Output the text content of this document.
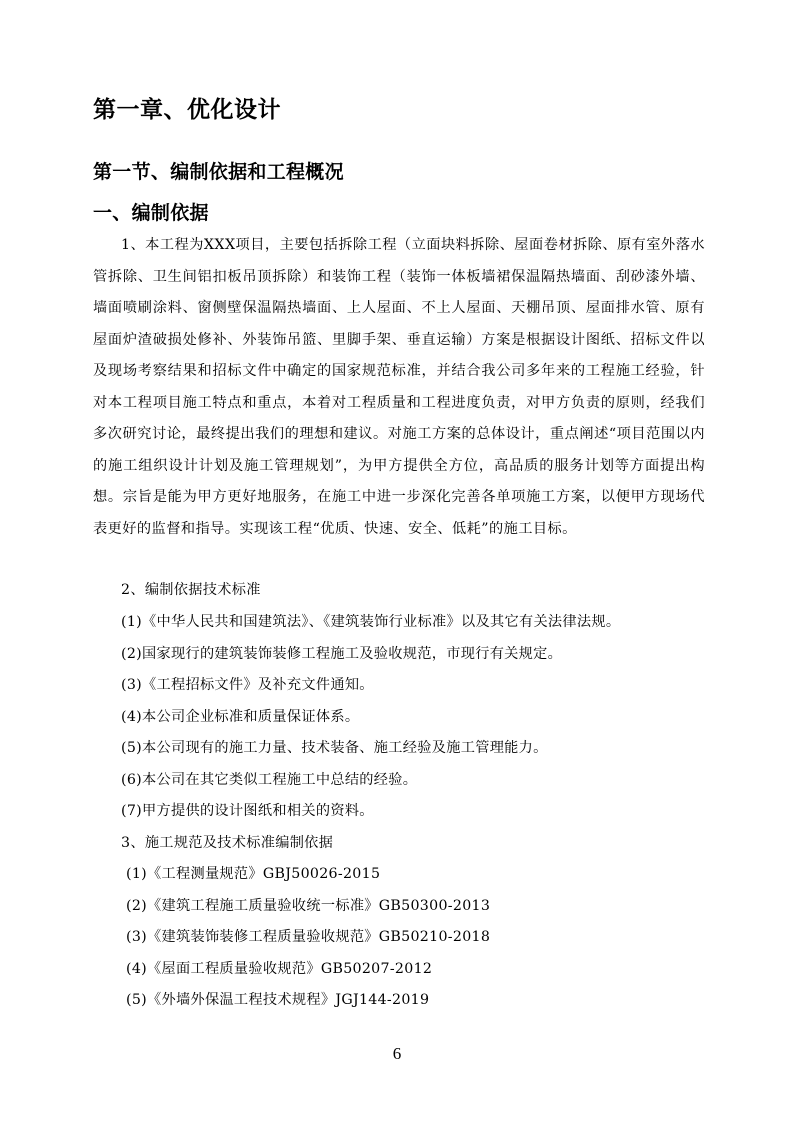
第一章、优化设计
第一节、编制依据和工程概况
一、编制依据
1、本工程为XXX项目，主要包括拆除工程（立面块料拆除、屋面卷材拆除、原有室外落水管拆除、卫生间铝扣板吊顶拆除）和装饰工程（装饰一体板墙裙保温隔热墙面、刮砂漆外墙、墙面喷刷涂料、窗侧壁保温隔热墙面、上人屋面、不上人屋面、天棚吊顶、屋面排水管、原有屋面炉渣破损处修补、外装饰吊篮、里脚手架、垂直运输）方案是根据设计图纸、招标文件以及现场考察结果和招标文件中确定的国家规范标准，并结合我公司多年来的工程施工经验，针对本工程项目施工特点和重点，本着对工程质量和工程进度负责，对甲方负责的原则，经我们多次研究讨论，最终提出我们的理想和建议。对施工方案的总体设计，重点阐述“项目范围以内的施工组织设计计划及施工管理规划”，为甲方提供全方位，高品质的服务计划等方面提出构想。宗旨是能为甲方更好地服务，在施工中进一步深化完善各单项施工方案，以便甲方现场代表更好的监督和指导。实现该工程“优质、快速、安全、低耗”的施工目标。
2、编制依据技术标准
(1)《中华人民共和国建筑法》、《建筑装饰行业标准》以及其它有关法律法规。
(2)国家现行的建筑装饰装修工程施工及验收规范，市现行有关规定。
(3)《工程招标文件》及补充文件通知。
(4)本公司企业标准和质量保证体系。
(5)本公司现有的施工力量、技术装备、施工经验及施工管理能力。
(6)本公司在其它类似工程施工中总结的经验。
(7)甲方提供的设计图纸和相关的资料。
3、施工规范及技术标准编制依据
(1)《工程测量规范》GBJ50026-2015
(2)《建筑工程施工质量验收统一标准》GB50300-2013
(3)《建筑装饰装修工程质量验收规范》GB50210-2018
(4)《屋面工程质量验收规范》GB50207-2012
(5)《外墙外保温工程技术规程》JGJ144-2019
6
